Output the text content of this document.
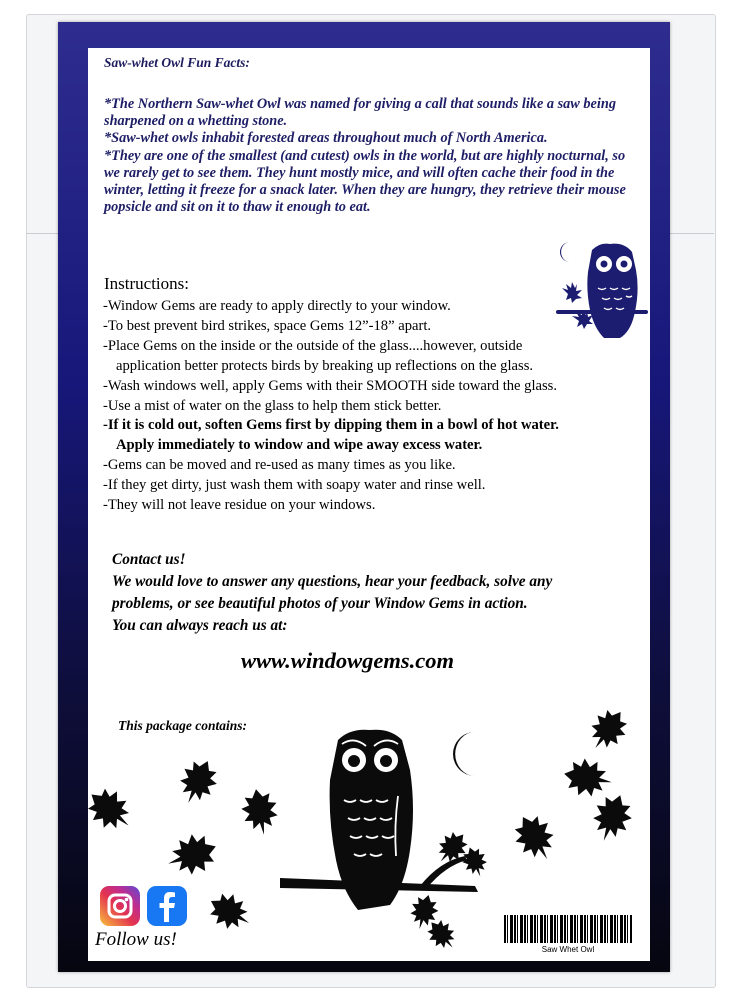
Saw-whet Owl Fun Facts:

*The Northern Saw-whet Owl was named for giving a call that sounds like a saw being sharpened on a whetting stone.

*Saw-whet owls inhabit forested areas throughout much of North America.

*They are one of the smallest (and cutest) owls in the world, but are highly nocturnal, so we rarely get to see them. They hunt mostly mice, and will often cache their food in the winter, letting it freeze for a snack later. When they are hungry, they retrieve their mouse popsicle and sit on it to thaw it enough to eat.

Instructions:

-Window Gems are ready to apply directly to your window.

-To best prevent bird strikes, space Gems 12”-18” apart.

-Place Gems on the inside or the outside of the glass....however, outside

application better protects birds by breaking up reflections on the glass.

-Wash windows well, apply Gems with their SMOOTH side toward the glass.

-Use a mist of water on the glass to help them stick better.

-If it is cold out, soften Gems first by dipping them in a bowl of hot water.

Apply immediately to window and wipe away excess water.

-Gems can be moved and re-used as many times as you like.

-If they get dirty, just wash them with soapy water and rinse well.

-They will not leave residue on your windows.

Contact us!

We would love to answer any questions, hear your feedback, solve any

problems, or see beautiful photos of your Window Gems in action.

You can always reach us at:

www.windowgems.com
This package contains:
Follow us!	Saw Whet Owl
